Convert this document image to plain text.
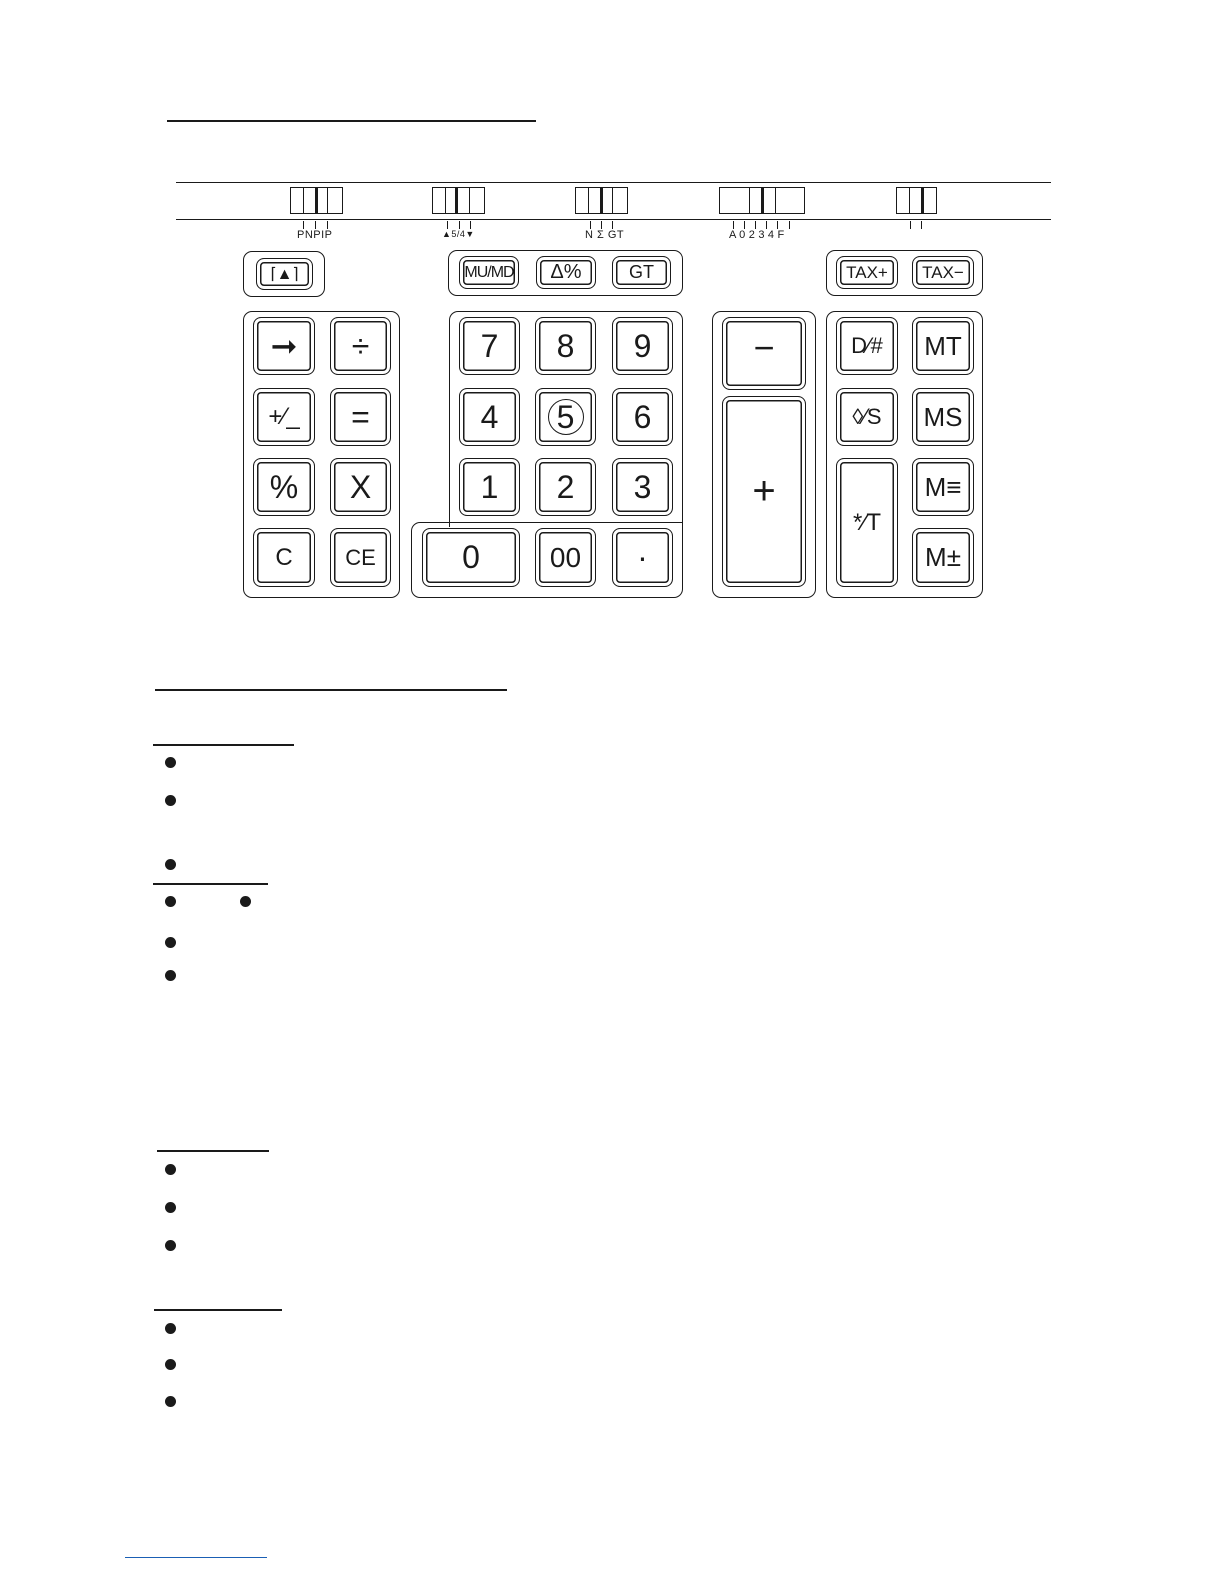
PNPIP	▲5/4▼	N Σ GT	A 0 2 3 4 F
⌈▲⌉	MU/MD	Δ%	GT	TAX+	TAX−
➞	÷
+⁄_	=
%	X
C	CE
7	8	9
4	5	6
1	2	3
0	00	·
−
+
D⁄#	MT
◊⁄S	MS
*⁄T
M≡
M±
